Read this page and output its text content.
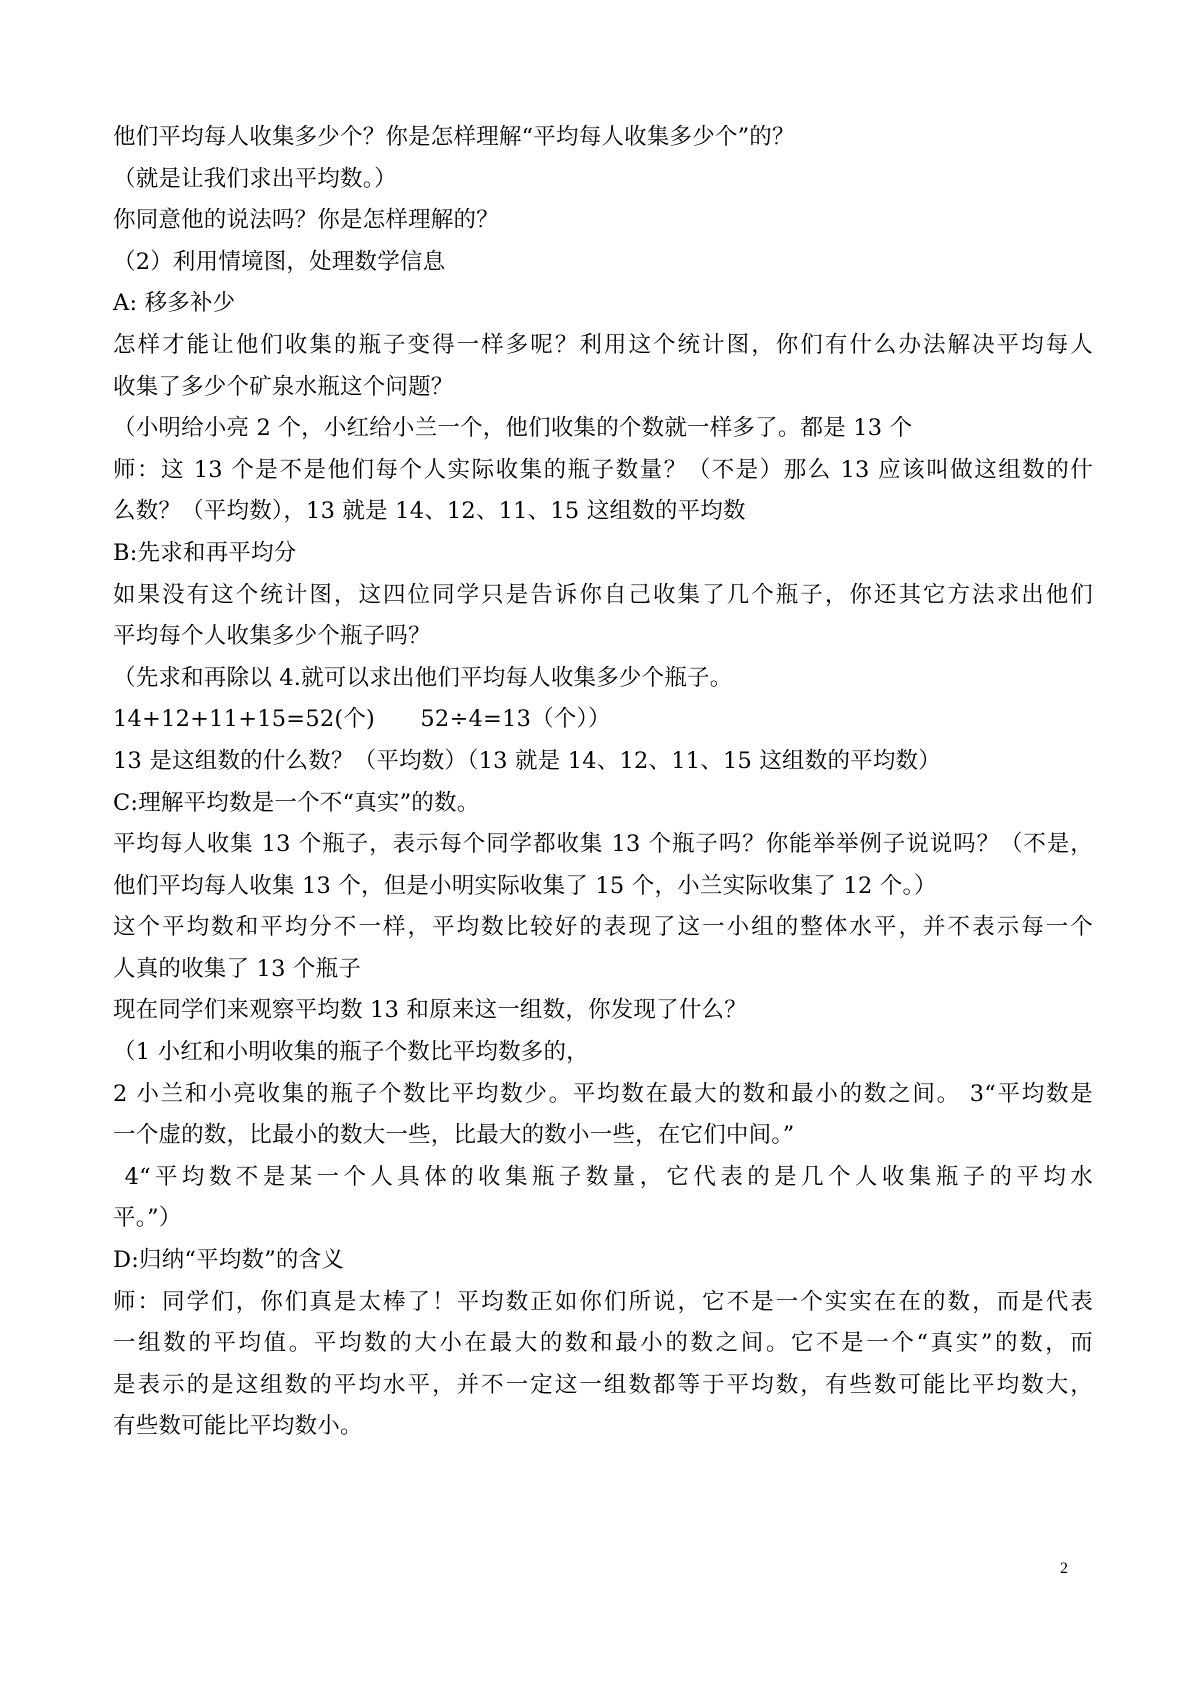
他们平均每人收集多少个？你是怎样理解“平均每人收集多少个”的？
（就是让我们求出平均数。）
你同意他的说法吗？你是怎样理解的？
（2）利用情境图，处理数学信息
A: 移多补少
怎样才能让他们收集的瓶子变得一样多呢？利用这个统计图，你们有什么办法解决平均每人
收集了多少个矿泉水瓶这个问题？
（小明给小亮 2 个，小红给小兰一个，他们收集的个数就一样多了。都是 13 个
师：这 13 个是不是他们每个人实际收集的瓶子数量？（不是）那么 13 应该叫做这组数的什
么数？（平均数），13 就是 14、12、11、15 这组数的平均数
B:先求和再平均分
如果没有这个统计图，这四位同学只是告诉你自己收集了几个瓶子，你还其它方法求出他们
平均每个人收集多少个瓶子吗？
（先求和再除以 4.就可以求出他们平均每人收集多少个瓶子。
14+12+11+15=52(个)　　52÷4=13（个））
13 是这组数的什么数？（平均数）（13 就是 14、12、11、15 这组数的平均数）
C:理解平均数是一个不“真实”的数。
平均每人收集 13 个瓶子，表示每个同学都收集 13 个瓶子吗？你能举举例子说说吗？（不是，
他们平均每人收集 13 个，但是小明实际收集了 15 个，小兰实际收集了 12 个。）
这个平均数和平均分不一样，平均数比较好的表现了这一小组的整体水平，并不表示每一个
人真的收集了 13 个瓶子
现在同学们来观察平均数 13 和原来这一组数，你发现了什么？
（1 小红和小明收集的瓶子个数比平均数多的，
2 小兰和小亮收集的瓶子个数比平均数少。平均数在最大的数和最小的数之间。 3“平均数是
一个虚的数，比最小的数大一些，比最大的数小一些，在它们中间。”
4“平均数不是某一个人具体的收集瓶子数量，它代表的是几个人收集瓶子的平均水
平。”）
D:归纳“平均数”的含义
师：同学们，你们真是太棒了！平均数正如你们所说，它不是一个实实在在的数，而是代表
一组数的平均值。平均数的大小在最大的数和最小的数之间。它不是一个“真实”的数，而
是表示的是这组数的平均水平，并不一定这一组数都等于平均数，有些数可能比平均数大，
有些数可能比平均数小。
2
